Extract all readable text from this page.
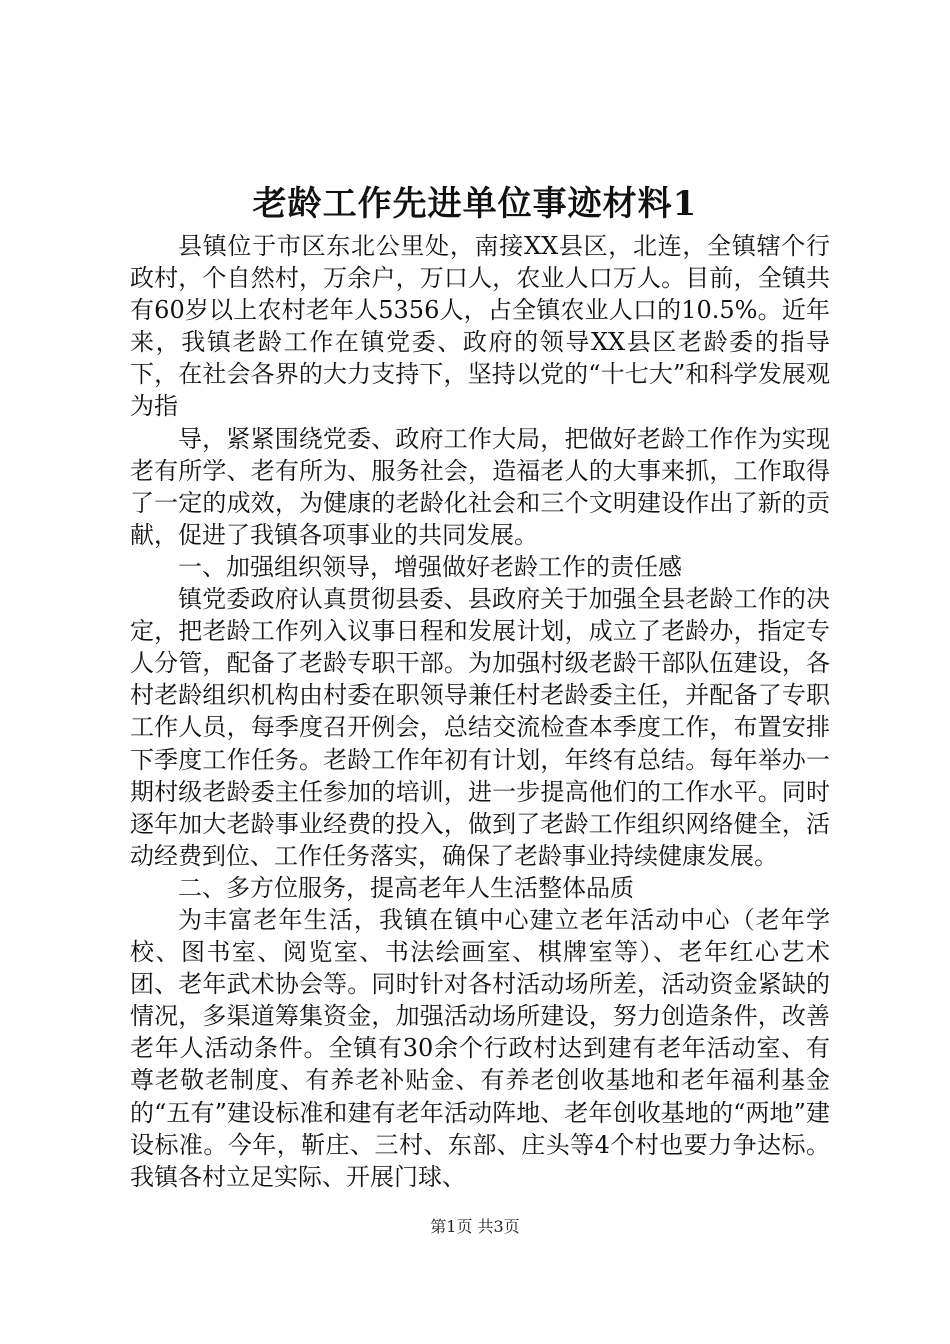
老龄工作先进单位事迹材料1

县镇位于市区东北公里处，南接XX县区，北连，全镇辖个行政村，个自然村，万余户，万口人，农业人口万人。目前，全镇共有60岁以上农村老年人5356人，占全镇农业人口的10.5%。近年来，我镇老龄工作在镇党委、政府的领导XX县区老龄委的指导下，在社会各界的大力支持下，坚持以党的“十七大”和科学发展观为指

导，紧紧围绕党委、政府工作大局，把做好老龄工作作为实现老有所学、老有所为、服务社会，造福老人的大事来抓，工作取得了一定的成效，为健康的老龄化社会和三个文明建设作出了新的贡献，促进了我镇各项事业的共同发展。

一、加强组织领导，增强做好老龄工作的责任感

镇党委政府认真贯彻县委、县政府关于加强全县老龄工作的决定，把老龄工作列入议事日程和发展计划，成立了老龄办，指定专人分管，配备了老龄专职干部。为加强村级老龄干部队伍建设，各村老龄组织机构由村委在职领导兼任村老龄委主任，并配备了专职工作人员，每季度召开例会，总结交流检查本季度工作，布置安排下季度工作任务。老龄工作年初有计划，年终有总结。每年举办一期村级老龄委主任参加的培训，进一步提高他们的工作水平。同时逐年加大老龄事业经费的投入，做到了老龄工作组织网络健全，活动经费到位、工作任务落实，确保了老龄事业持续健康发展。

二、多方位服务，提高老年人生活整体品质

为丰富老年生活，我镇在镇中心建立老年活动中心（老年学校、图书室、阅览室、书法绘画室、棋牌室等）、老年红心艺术团、老年武术协会等。同时针对各村活动场所差，活动资金紧缺的情况，多渠道筹集资金，加强活动场所建设，努力创造条件，改善老年人活动条件。全镇有30余个行政村达到建有老年活动室、有尊老敬老制度、有养老补贴金、有养老创收基地和老年福利基金的“五有”建设标准和建有老年活动阵地、老年创收基地的“两地”建设标准。今年，靳庄、三村、东部、庄头等4个村也要力争达标。我镇各村立足实际、开展门球、

第1页 共3页
